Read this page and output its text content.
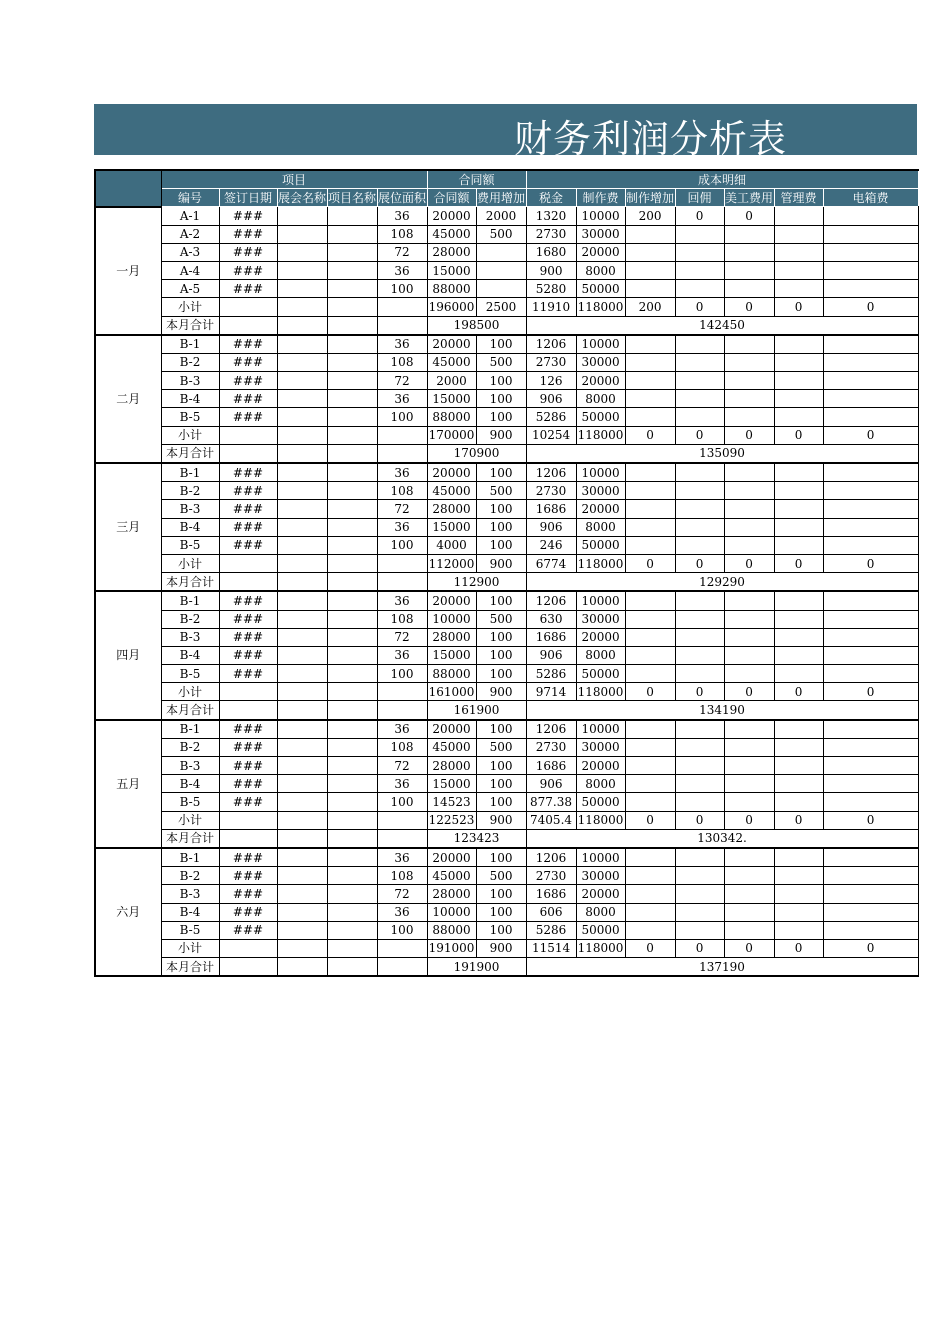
财务利润分析表
	项目					合同额		成本明细							
	编号	签订日期	展会名称	项目名称	展位面积	合同额	费用增加	税金	制作费	制作增加	回佣	美工费用	管理费	电箱费	
一月	A-1	###			36	20000	2000	1320	10000	200	0	0			
	A-2	###			108	45000	500	2730	30000						
	A-3	###			72	28000		1680	20000						
	A-4	###			36	15000		900	8000						
	A-5	###			100	88000		5280	50000						
	小计					196000	2500	11910	118000	200	0	0	0	0	
	本月合计					198500		142450							
二月	B-1	###			36	20000	100	1206	10000						
	B-2	###			108	45000	500	2730	30000						
	B-3	###			72	2000	100	126	20000						
	B-4	###			36	15000	100	906	8000						
	B-5	###			100	88000	100	5286	50000						
	小计					170000	900	10254	118000	0	0	0	0	0	
	本月合计					170900		135090							
三月	B-1	###			36	20000	100	1206	10000						
	B-2	###			108	45000	500	2730	30000						
	B-3	###			72	28000	100	1686	20000						
	B-4	###			36	15000	100	906	8000						
	B-5	###			100	4000	100	246	50000						
	小计					112000	900	6774	118000	0	0	0	0	0	
	本月合计					112900		129290							
四月	B-1	###			36	20000	100	1206	10000						
	B-2	###			108	10000	500	630	30000						
	B-3	###			72	28000	100	1686	20000						
	B-4	###			36	15000	100	906	8000						
	B-5	###			100	88000	100	5286	50000						
	小计					161000	900	9714	118000	0	0	0	0	0	
	本月合计					161900		134190							
五月	B-1	###			36	20000	100	1206	10000						
	B-2	###			108	45000	500	2730	30000						
	B-3	###			72	28000	100	1686	20000						
	B-4	###			36	15000	100	906	8000						
	B-5	###			100	14523	100	877.38	50000						
	小计					122523	900	7405.4	118000	0	0	0	0	0	
	本月合计					123423		130342.							
六月	B-1	###			36	20000	100	1206	10000						
	B-2	###			108	45000	500	2730	30000						
	B-3	###			72	28000	100	1686	20000						
	B-4	###			36	10000	100	606	8000						
	B-5	###			100	88000	100	5286	50000						
	小计					191000	900	11514	118000	0	0	0	0	0	
	本月合计					191900		137190							
